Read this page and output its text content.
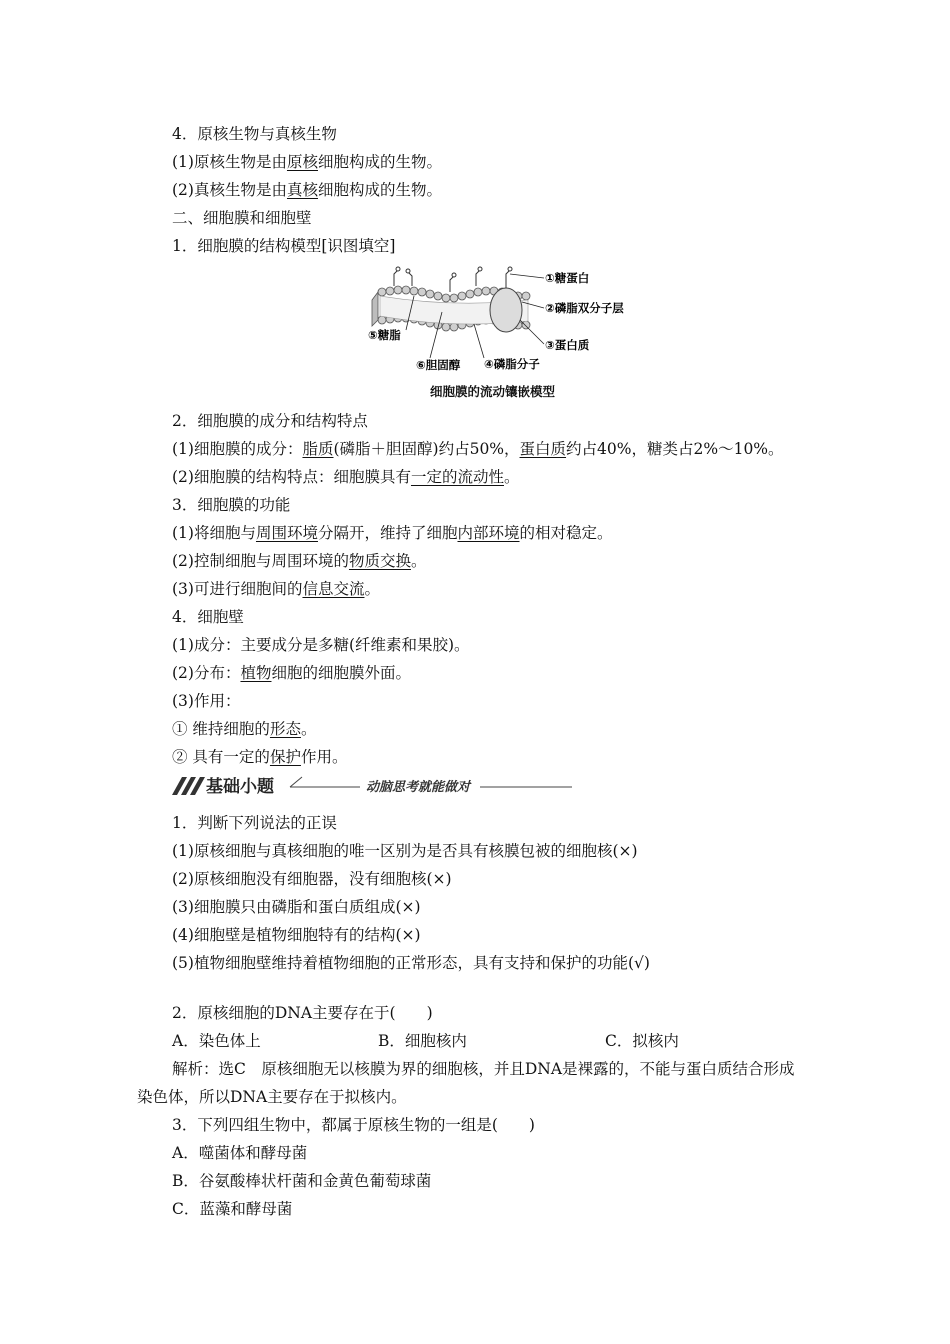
4．原核生物与真核生物
(1)原核生物是由原核细胞构成的生物。
(2)真核生物是由真核细胞构成的生物。
二、细胞膜和细胞壁
1．细胞膜的结构模型[识图填空]
①糖蛋白
②磷脂双分子层
③蛋白质
④磷脂分子
⑤糖脂
⑥胆固醇
细胞膜的流动镶嵌模型
2．细胞膜的成分和结构特点
(1)细胞膜的成分：脂质(磷脂＋胆固醇)约占50%，蛋白质约占40%，糖类占2%～10%。
(2)细胞膜的结构特点：细胞膜具有一定的流动性。
3．细胞膜的功能
(1)将细胞与周围环境分隔开，维持了细胞内部环境的相对稳定。
(2)控制细胞与周围环境的物质交换。
(3)可进行细胞间的信息交流。
4．细胞壁
(1)成分：主要成分是多糖(纤维素和果胶)。
(2)分布：植物细胞的细胞膜外面。
(3)作用：
① 维持细胞的形态。
② 具有一定的保护作用。
基础小题	动脑思考就能做对
1．判断下列说法的正误
(1)原核细胞与真核细胞的唯一区别为是否具有核膜包被的细胞核(×)
(2)原核细胞没有细胞器，没有细胞核(×)
(3)细胞膜只由磷脂和蛋白质组成(×)
(4)细胞壁是植物细胞特有的结构(×)
(5)植物细胞壁维持着植物细胞的正常形态，具有支持和保护的功能(√)
2．原核细胞的DNA主要存在于(　　)
A．染色体上	B．细胞核内	C．拟核内
解析：选C　原核细胞无以核膜为界的细胞核，并且DNA是裸露的，不能与蛋白质结合形成
染色体，所以DNA主要存在于拟核内。
3．下列四组生物中，都属于原核生物的一组是(　　)
A．噬菌体和酵母菌
B．谷氨酸棒状杆菌和金黄色葡萄球菌
C．蓝藻和酵母菌
